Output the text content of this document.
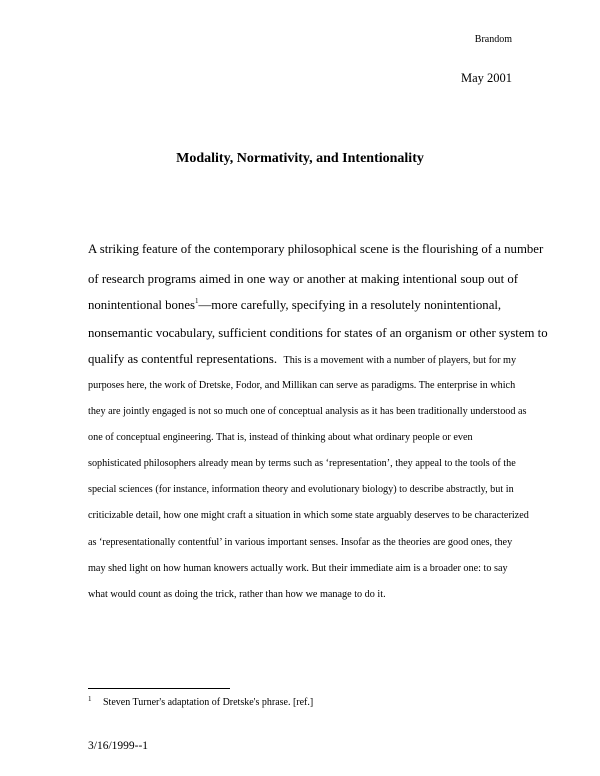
Brandom
May 2001
Modality, Normativity, and Intentionality
A striking feature of the contemporary philosophical scene is the flourishing of a number
of research programs aimed in one way or another at making intentional soup out of
nonintentional bones$^1$—more carefully, specifying in a resolutely nonintentional,
nonsemantic vocabulary, sufficient conditions for states of an organism or other system to
qualify as contentful representations. This is a movement with a number of players, but for my
purposes here, the work of Dretske, Fodor, and Millikan can serve as paradigms. The enterprise in which
they are jointly engaged is not so much one of conceptual analysis as it has been traditionally understood as
one of conceptual engineering. That is, instead of thinking about what ordinary people or even
sophisticated philosophers already mean by terms such as ‘representation’, they appeal to the tools of the
special sciences (for instance, information theory and evolutionary biology) to describe abstractly, but in
criticizable detail, how one might craft a situation in which some state arguably deserves to be characterized
as ‘representationally contentful’ in various important senses. Insofar as the theories are good ones, they
may shed light on how human knowers actually work. But their immediate aim is a broader one: to say
what would count as doing the trick, rather than how we manage to do it.
1 Steven Turner's adaptation of Dretske's phrase. [ref.]
3/16/1999--1
